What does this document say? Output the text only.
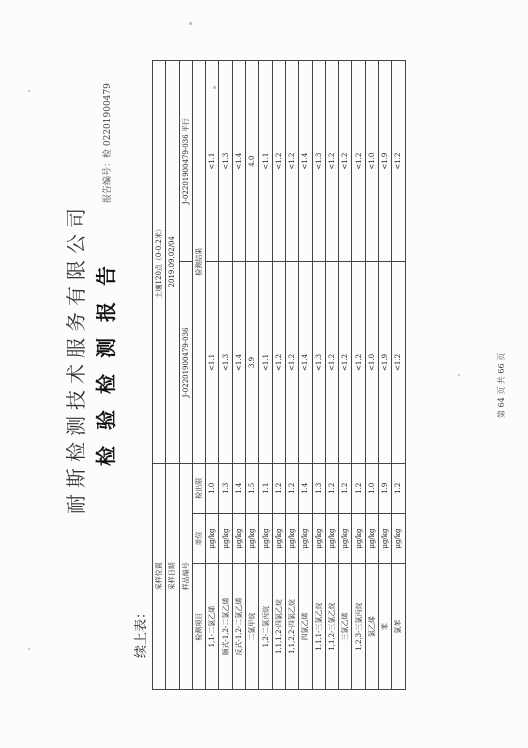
耐斯检测技术服务有限公司 检验检测报告
报告编号：检 0220190047​9
续上表：
采样位置			土壤120点（0-0.2米）	
采样日期			2019.09.02/04	
样品编号			J-0220190047​9-036	J-0220190047​9-036 平行
检测项目	单位	检出限	检测结果	
1,1-二氯乙烯	μg/kg	1.0	<1.1	<1.1
顺式-1,2-二氯乙烯	μg/kg	1.3	<1.3	<1.3
反式-1,2-二氯乙烯	μg/kg	1.4	<1.4	<1.4
二氯甲烷	μg/kg	1.5	3.9	4.0
1,2-二氯丙烷	μg/kg	1.1	<1.1	<1.1
1,1,1,2-四氯乙烷	μg/kg	1.2	<1.2	<1.2
1,1,2,2-四氯乙烷	μg/kg	1.2	<1.2	<1.2
四氯乙烯	μg/kg	1.4	<1.4	<1.4
1,1,1-三氯乙烷	μg/kg	1.3	<1.3	<1.3
1,1,2-三氯乙烷	μg/kg	1.2	<1.2	<1.2
三氯乙烯	μg/kg	1.2	<1.2	<1.2
1,2,3-三氯丙烷	μg/kg	1.2	<1.2	<1.2
氯乙烯	μg/kg	1.0	<1.0	<1.0
苯	μg/kg	1.9	<1.9	<1.9
氯苯	μg/kg	1.2	<1.2	<1.2
第 64 页 共 66 页
